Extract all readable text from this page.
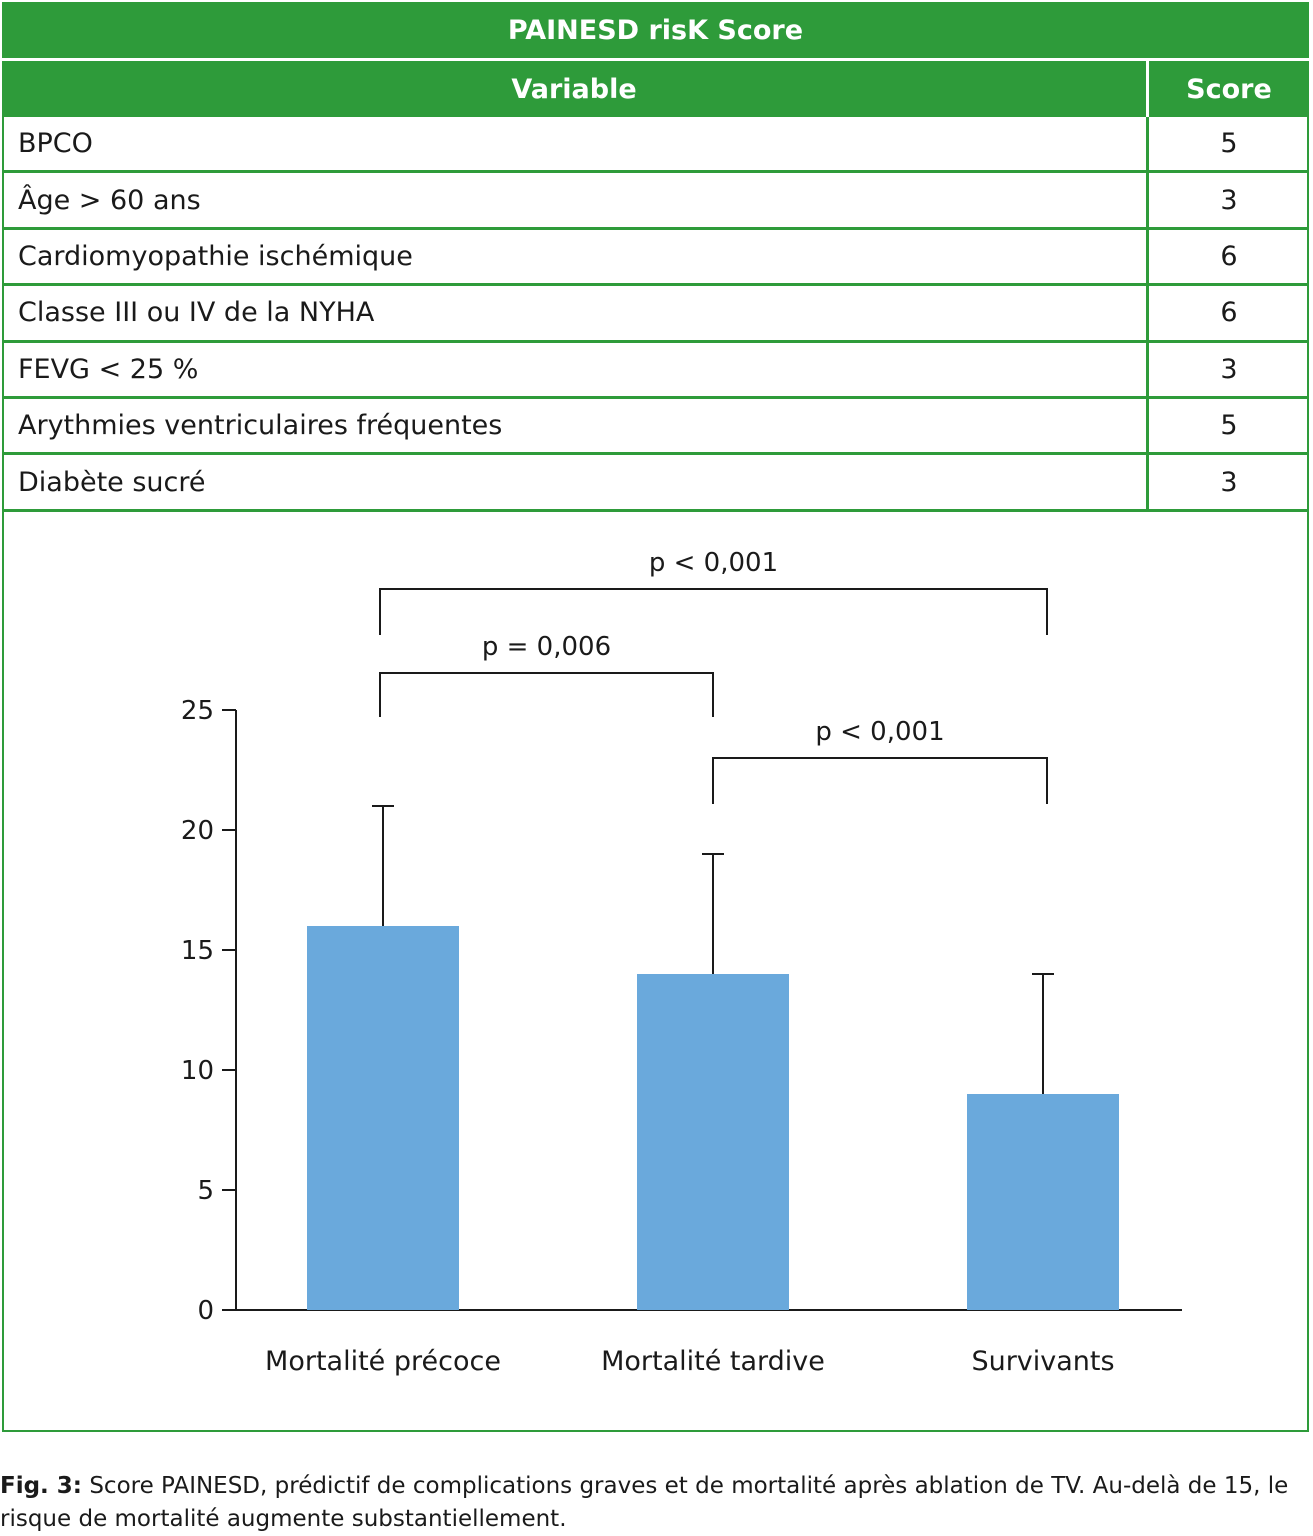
PAINESD risK Score
Variable	Score
BPCO	5
Âge > 60 ans	3
Cardiomyopathie ischémique	6
Classe III ou IV de la NYHA	6
FEVG < 25 %	3
Arythmies ventriculaires fréquentes	5
Diabète sucré	3
0
5
10
15
20
25
Mortalité précoce	Mortalité tardive	Survivants
p < 0,001
p = 0,006
p < 0,001
Fig. 3: Score PAINESD, prédictif de complications graves et de mortalité après ablation de TV. Au-delà de 15, le risque de mortalité augmente substantiellement.
